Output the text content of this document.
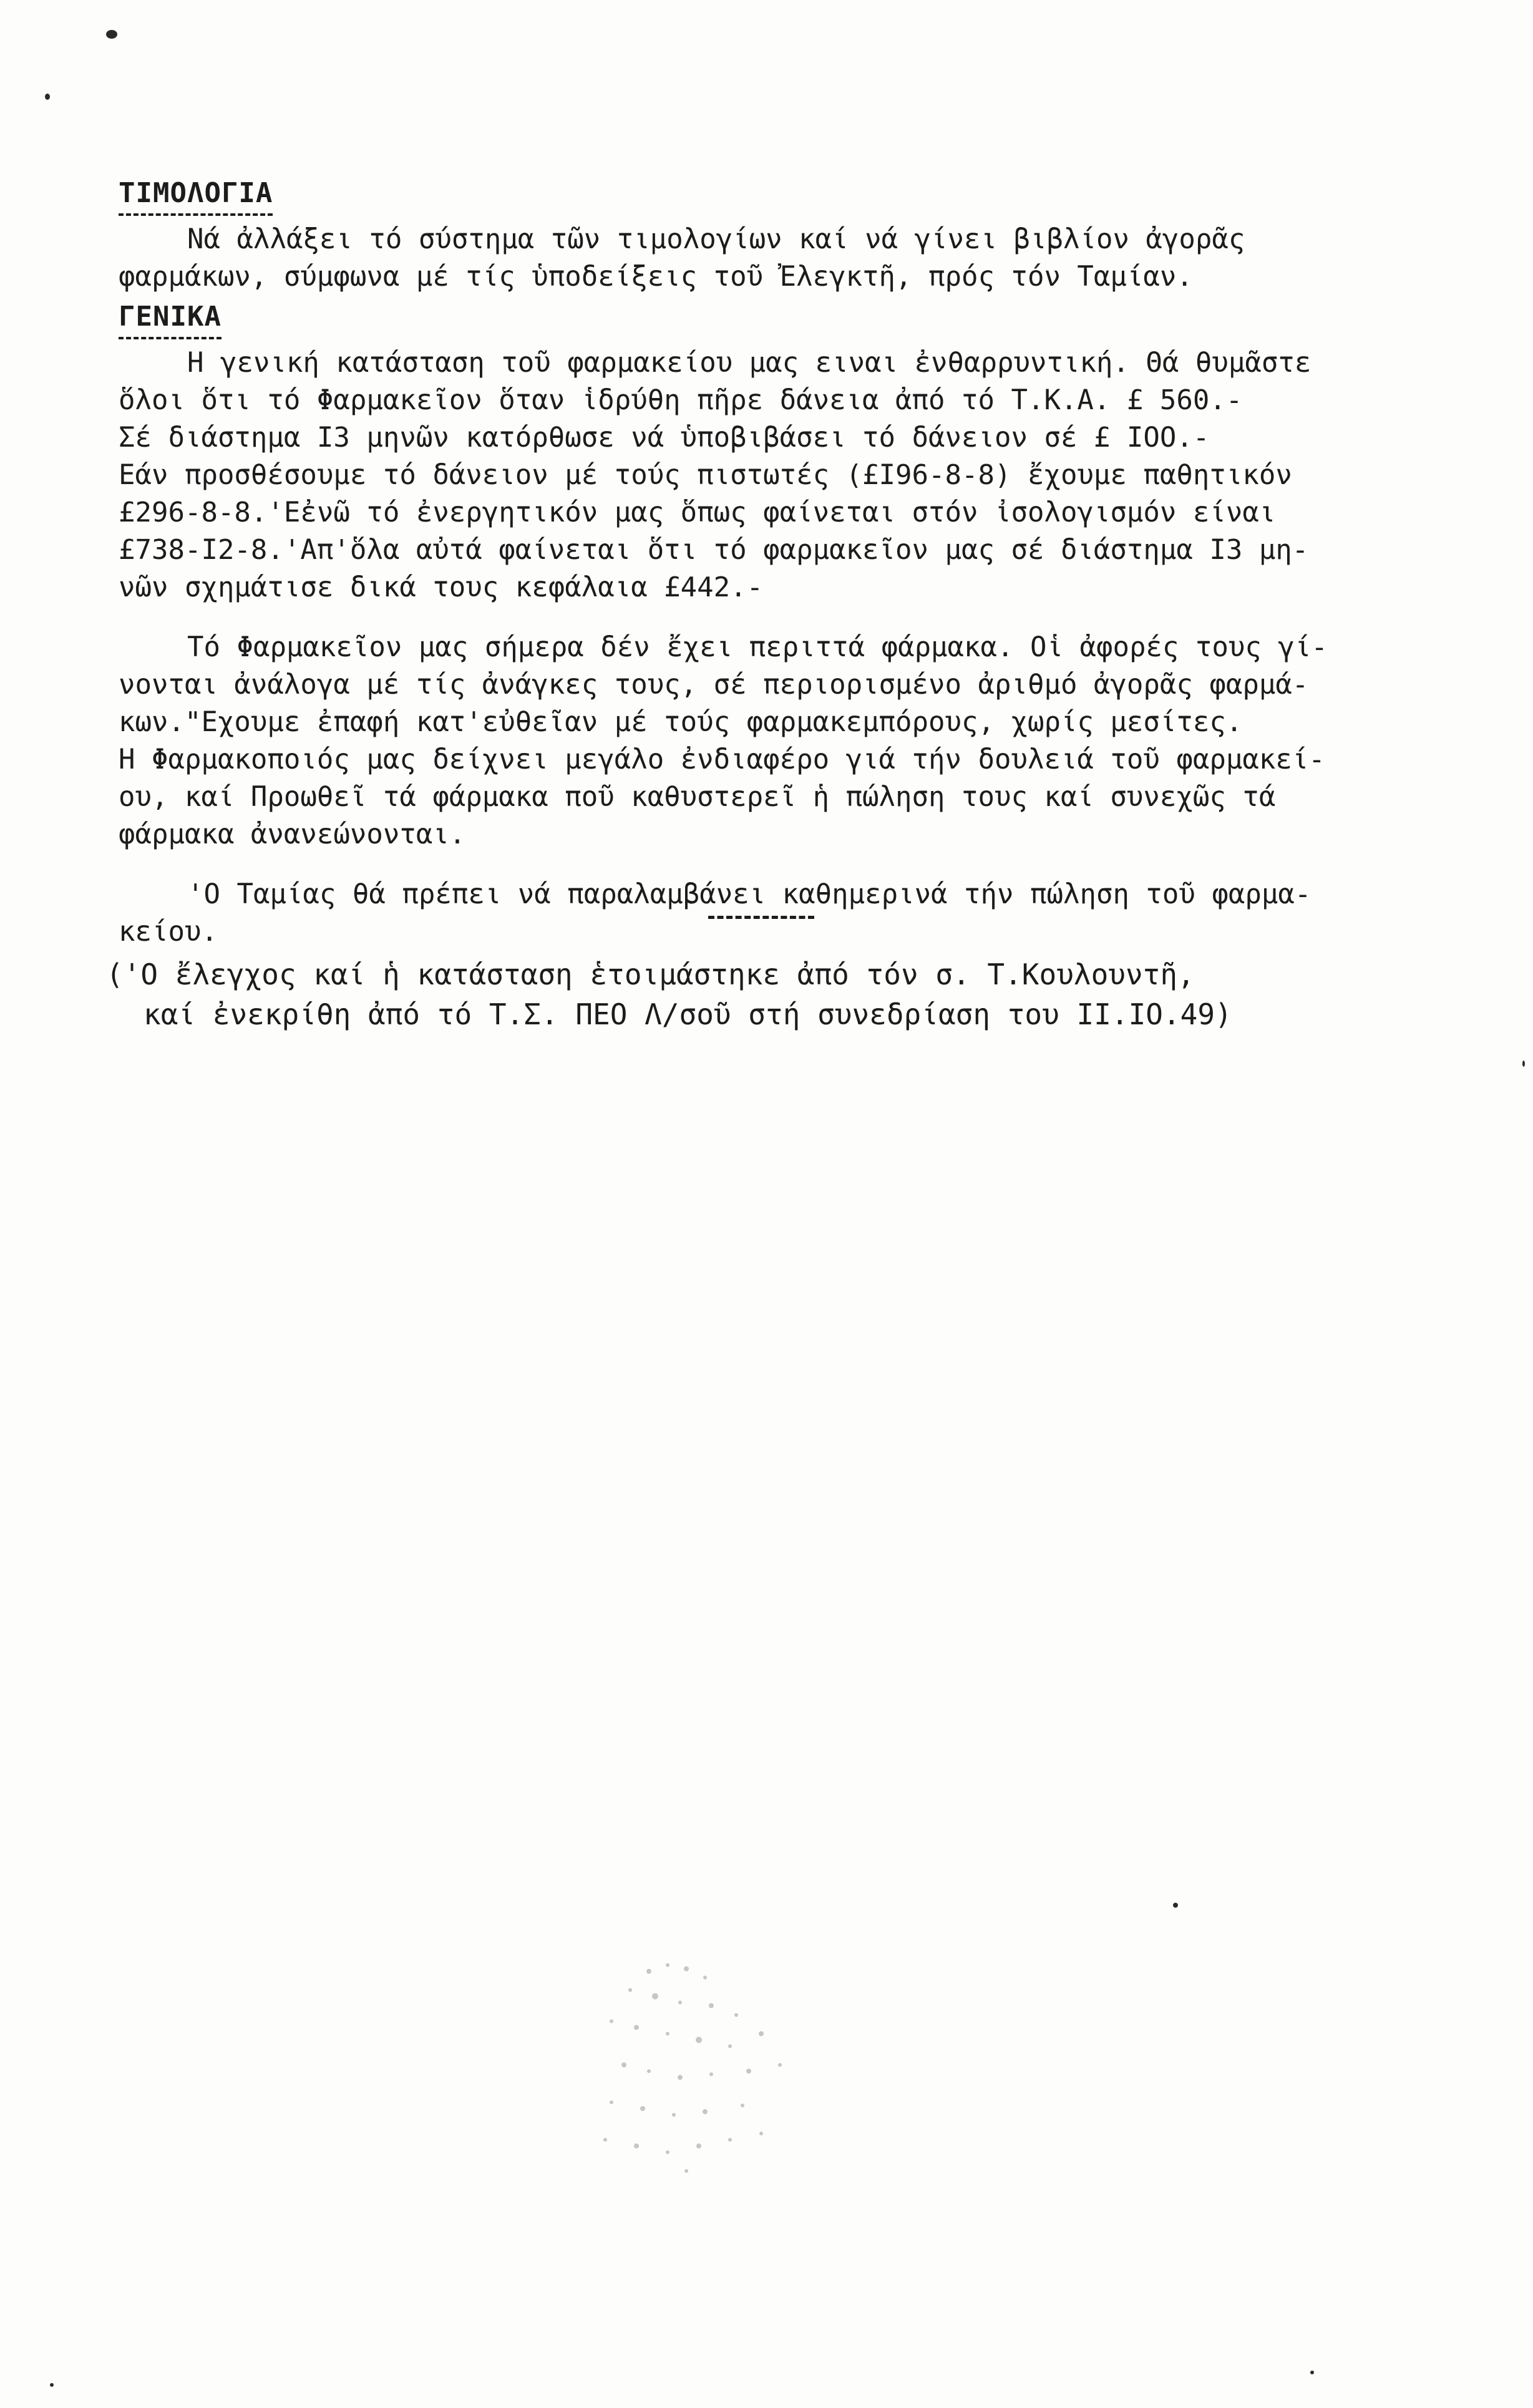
ΤΙΜΟΛΟΓΙΑ

Νά ἀλλάξει τό σύστημα τῶν τιμολογίων καί νά γίνει βιβλίον ἀγορᾶς
φαρμάκων, σύμφωνα μέ τίς ὑποδείξεις τοῦ Ἐλεγκτῆ, πρός τόν Ταμίαν.

ΓΕΝΙΚΑ

Η γενική κατάσταση τοῦ φαρμακείου μας ειναι ἐνθαρρυντική. Θά θυμᾶστε
ὅλοι ὅτι τό Φαρμακεῖον ὅταν ἱδρύθη πῆρε δάνεια ἀπό τό Τ.Κ.Α. £ 560.-
Σέ διάστημα Ι3 μηνῶν κατόρθωσε νά ὑποβιβάσει τό δάνειον σέ £ ΙΟΟ.-
Εάν προσθέσουμε τό δάνειον μέ τούς πιστωτές (£Ι96-8-8) ἔχουμε παθητικόν
£296-8-8.'Εἐνῶ τό ἐνεργητικόν μας ὅπως φαίνεται στόν ἰσολογισμόν είναι
£738-Ι2-8.'Απ'ὅλα αὐτά φαίνεται ὅτι τό φαρμακεῖον μας σέ διάστημα Ι3 μη-
νῶν σχημάτισε δικά τους κεφάλαια £442.-

Τό Φαρμακεῖον μας σήμερα δέν ἔχει περιττά φάρμακα. Οἱ ἀφορές τους γί-
νονται ἀνάλογα μέ τίς ἀνάγκες τους, σέ περιορισμένο ἀριθμό ἀγορᾶς φαρμά-
κων."Εχουμε ἐπαφή κατ'εὐθεῖαν μέ τούς φαρμακεμπόρους, χωρίς μεσίτες.
Η Φαρμακοποιός μας δείχνει μεγάλο ἐνδιαφέρο γιά τήν δουλειά τοῦ φαρμακεί-
ου, καί Προωθεῖ τά φάρμακα ποῦ καθυστερεῖ ἡ πώληση τους καί συνεχῶς τά
φάρμακα ἀνανεώνονται.

'Ο Ταμίας θά πρέπει νά παραλαμβάνει καθημερινά τήν πώληση τοῦ φαρμα-
κείου.

('Ο ἔλεγχος καί ἡ κατάσταση ἑτοιμάστηκε ἀπό τόν σ. Τ.Κουλουντῆ,
καί ἐνεκρίθη ἀπό τό Τ.Σ. ΠΕΟ Λ/σοῦ στή συνεδρίαση του ΙΙ.ΙΟ.49)
